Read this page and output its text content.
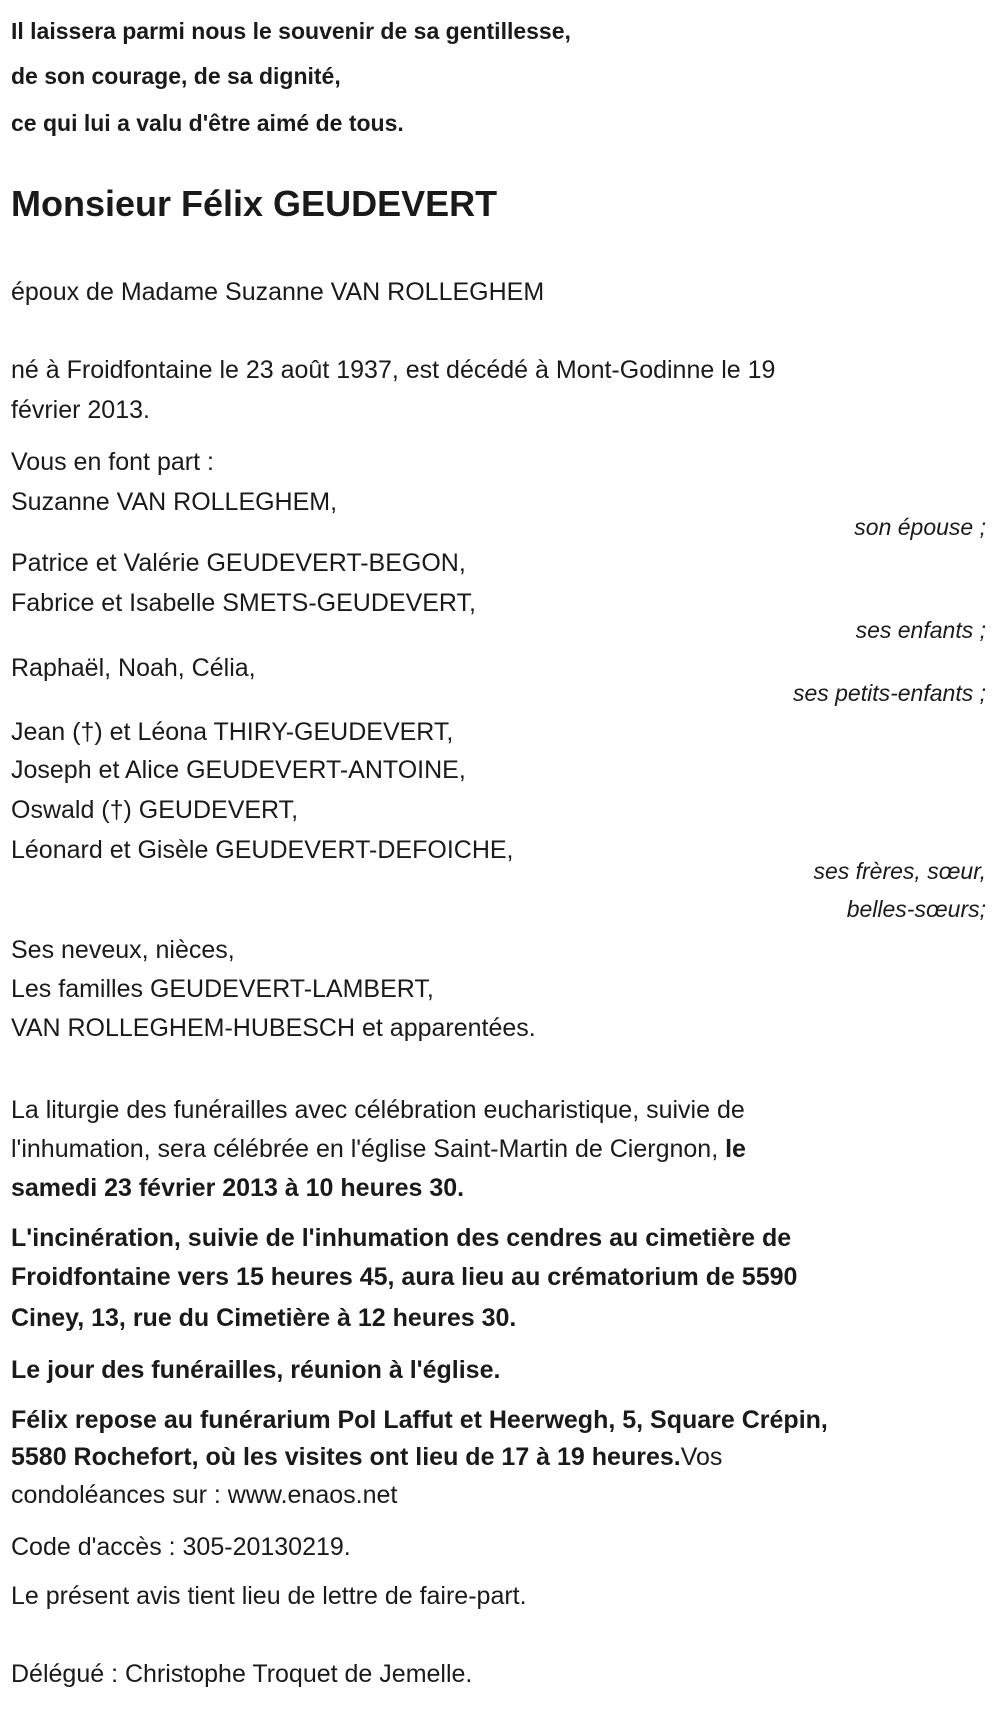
Il laissera parmi nous le souvenir de sa gentillesse,
de son courage, de sa dignité,
ce qui lui a valu d'être aimé de tous.
Monsieur Félix GEUDEVERT
époux de Madame Suzanne VAN ROLLEGHEM
né à Froidfontaine le 23 août 1937, est décédé à Mont-Godinne le 19
février 2013.
Vous en font part :
Suzanne VAN ROLLEGHEM,
son épouse ;
Patrice et Valérie GEUDEVERT-BEGON,
Fabrice et Isabelle SMETS-GEUDEVERT,
ses enfants ;
Raphaël, Noah, Célia,
ses petits-enfants ;
Jean (†) et Léona THIRY-GEUDEVERT,
Joseph et Alice GEUDEVERT-ANTOINE,
Oswald (†) GEUDEVERT,
Léonard et Gisèle GEUDEVERT-DEFOICHE,
ses frères, sœur,
belles-sœurs;
Ses neveux, nièces,
Les familles GEUDEVERT-LAMBERT,
VAN ROLLEGHEM-HUBESCH et apparentées.
La liturgie des funérailles avec célébration eucharistique, suivie de
l'inhumation, sera célébrée en l'église Saint-Martin de Ciergnon, le
samedi 23 février 2013 à 10 heures 30.
L'incinération, suivie de l'inhumation des cendres au cimetière de
Froidfontaine vers 15 heures 45, aura lieu au crématorium de 5590
Ciney, 13, rue du Cimetière à 12 heures 30.
Le jour des funérailles, réunion à l'église.
Félix repose au funérarium Pol Laffut et Heerwegh, 5, Square Crépin,
5580 Rochefort, où les visites ont lieu de 17 à 19 heures.Vos
condoléances sur : www.enaos.net
Code d'accès : 305-20130219.
Le présent avis tient lieu de lettre de faire-part.
Délégué : Christophe Troquet de Jemelle.
